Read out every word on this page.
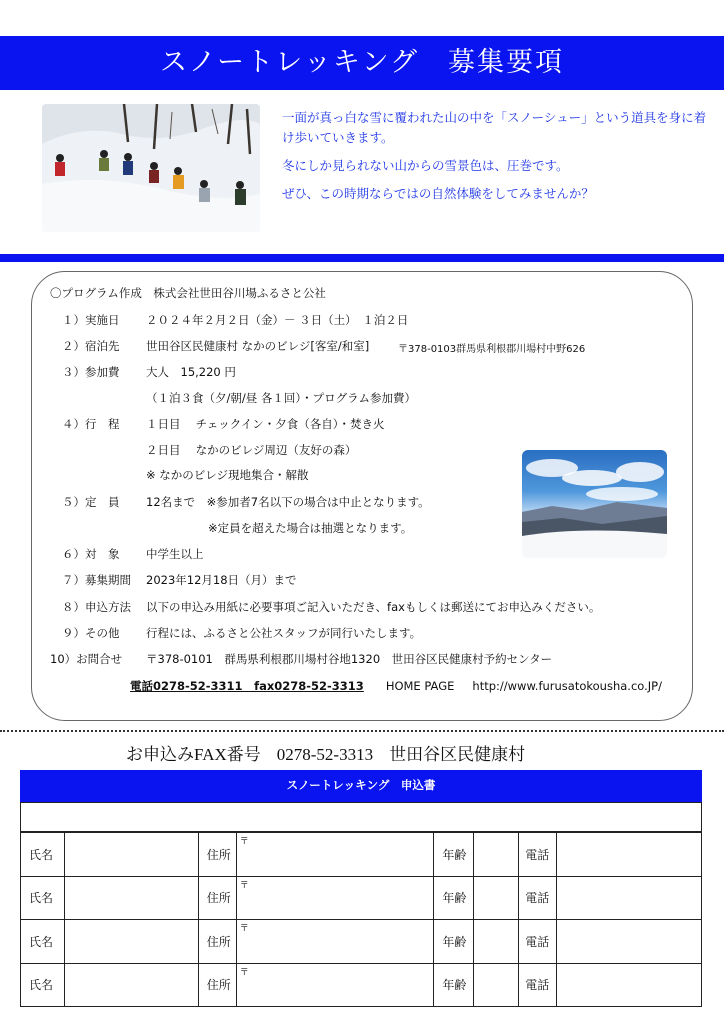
スノートレッキング　募集要項

一面が真っ白な雪に覆われた山の中を「スノーシュー」という道具を身に着け歩いていきます。

冬にしか見られない山からの雪景色は、圧巻です。

ぜひ、この時期ならではの自然体験をしてみませんか？

〇プログラム作成　株式会社世田谷川場ふるさと公社
１）実施日 ２０２４年２月２日（金）－ ３日（土）　１泊２日
２）宿泊先 世田谷区民健康村 なかのビレジ[客室/和室]	〒378-0103群馬県利根郡川場村中野626
３）参加費 大人　15,220 円
（１泊３食（夕/朝/昼 各１回）・プログラム参加費）
４）行　程 １日目　 チェックイン・夕食（各自）・焚き火
２日目　 なかのビレジ周辺（友好の森）
※ なかのビレジ現地集合・解散
５）定　員 12名まで　※参加者7名以下の場合は中止となります。
※定員を超えた場合は抽選となります。
６）対　象 中学生以上
７）募集期間 2023年12月18日（月）まで
８）申込方法 以下の申込み用紙に必要事項ご記入いただき、faxもしくは郵送にてお申込みください。
９）その他 行程には、ふるさと公社スタッフが同行いたします。
10）お問合せ 〒378-0101　群馬県利根郡川場村谷地1320　世田谷区民健康村予約センター
電話0278-52-3311　fax0278-52-3313 HOME PAGE http://www.furusatokousha.co.JP/
お申込みFAX番号 0278-52-3313 世田谷区民健康村
スノートレッキング　申込書
氏名		住所	〒	年齢		電話	
氏名		住所	〒	年齢		電話	
氏名		住所	〒	年齢		電話	
氏名		住所	〒	年齢		電話	
